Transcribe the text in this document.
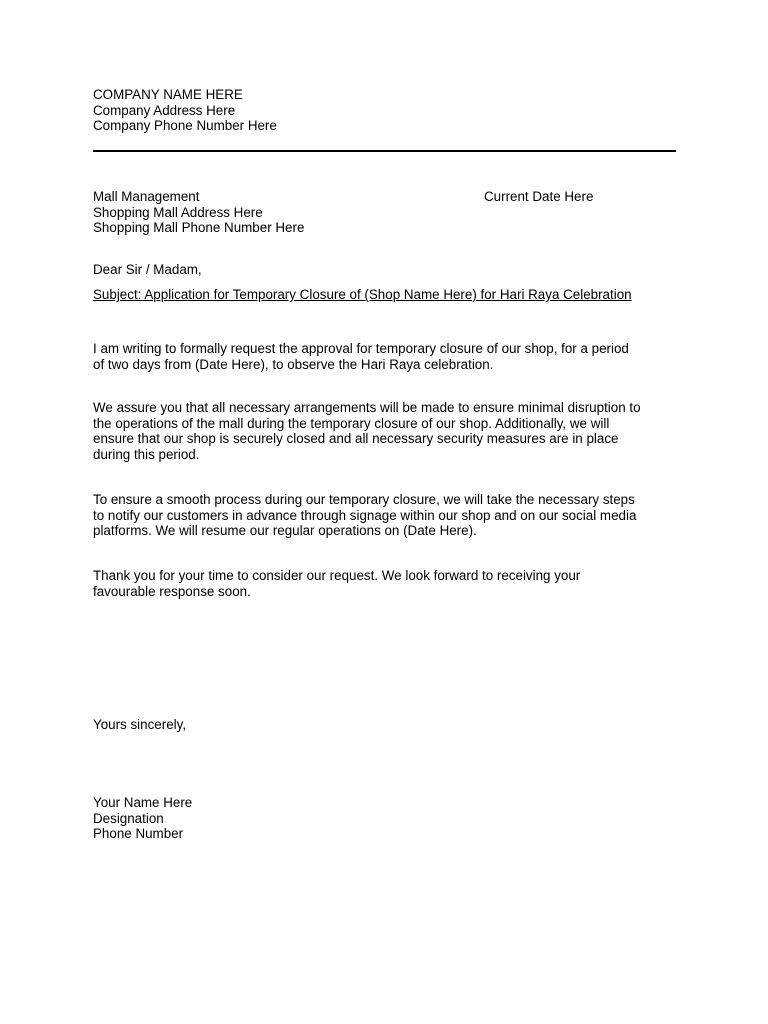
COMPANY NAME HERE
Company Address Here
Company Phone Number Here
Mall Management
Shopping Mall Address Here
Shopping Mall Phone Number Here
Current Date Here
Dear Sir / Madam,
Subject: Application for Temporary Closure of (Shop Name Here) for Hari Raya Celebration
I am writing to formally request the approval for temporary closure of our shop, for a period
of two days from (Date Here), to observe the Hari Raya celebration.
We assure you that all necessary arrangements will be made to ensure minimal disruption to
the operations of the mall during the temporary closure of our shop. Additionally, we will
ensure that our shop is securely closed and all necessary security measures are in place
during this period.
To ensure a smooth process during our temporary closure, we will take the necessary steps
to notify our customers in advance through signage within our shop and on our social media
platforms. We will resume our regular operations on (Date Here).
Thank you for your time to consider our request. We look forward to receiving your
favourable response soon.
Yours sincerely,
Your Name Here
Designation
Phone Number
